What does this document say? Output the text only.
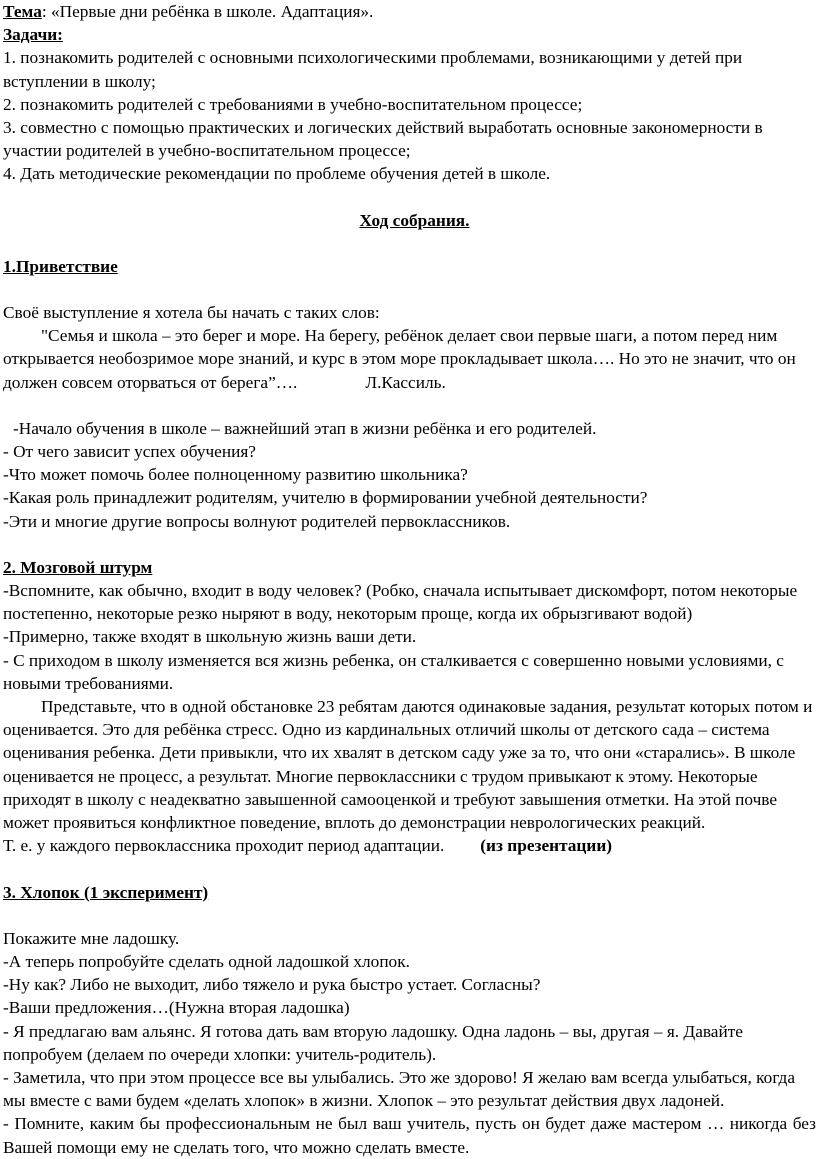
Тема: «Первые дни ребёнка в школе. Адаптация».

Задачи:

1. познакомить родителей с основными психологическими проблемами, возникающими у детей при вступлении в школу;

2. познакомить родителей с требованиями в учебно-воспитательном процессе;

3. совместно с помощью практических и логических действий выработать основные закономерности в участии родителей в учебно-воспитательном процессе;

4. Дать методические рекомендации по проблеме обучения детей в школе.

Ход собрания.

1.Приветствие

Своё выступление я хотела бы начать с таких слов:

"Семья и школа – это берег и море. На берегу, ребёнок делает свои первые шаги, а потом перед ним открывается необозримое море знаний, и курс в этом море прокладывает школа…. Но это не значит, что он должен совсем оторваться от берега”….	Л.Кассиль.

-Начало обучения в школе – важнейший этап в жизни ребёнка и его родителей.

- От чего зависит успех обучения?

-Что может помочь более полноценному развитию школьника?

-Какая роль принадлежит родителям, учителю в формировании учебной деятельности?

-Эти и многие другие вопросы волнуют родителей первоклассников.

2. Мозговой штурм

-Вспомните, как обычно, входит в воду человек? (Робко, сначала испытывает дискомфорт, потом некоторые постепенно, некоторые резко ныряют в воду, некоторым проще, когда их обрызгивают водой)

-Примерно, также входят в школьную жизнь ваши дети.

- С приходом в школу изменяется вся жизнь ребенка, он сталкивается с совершенно новыми условиями, с новыми требованиями.

Представьте, что в одной обстановке 23 ребятам даются одинаковые задания, результат которых потом и оценивается. Это для ребёнка стресс. Одно из кардинальных отличий школы от детского сада – система оценивания ребенка. Дети привыкли, что их хвалят в детском саду уже за то, что они «старались». В школе оценивается не процесс, а результат. Многие первоклассники с трудом привыкают к этому. Некоторые приходят в школу с неадекватно завышенной самооценкой и требуют завышения отметки. На этой почве может проявиться конфликтное поведение, вплоть до демонстрации неврологических реакций.

Т. е. у каждого первоклассника проходит период адаптации. (из презентации)

3. Хлопок (1 эксперимент)

Покажите мне ладошку.

-А теперь попробуйте сделать одной ладошкой хлопок.

-Ну как? Либо не выходит, либо тяжело и рука быстро устает. Согласны?

-Ваши предложения…(Нужна вторая ладошка)

- Я предлагаю вам альянс. Я готова дать вам вторую ладошку. Одна ладонь – вы, другая – я. Давайте попробуем (делаем по очереди хлопки: учитель-родитель).

- Заметила, что при этом процессе все вы улыбались. Это же здорово! Я желаю вам всегда улыбаться, когда мы вместе с вами будем «делать хлопок» в жизни. Хлопок – это результат действия двух ладоней.

- Помните, каким бы профессиональным не был ваш учитель, пусть он будет даже мастером … никогда без Вашей помощи ему не сделать того, что можно сделать вместе.
